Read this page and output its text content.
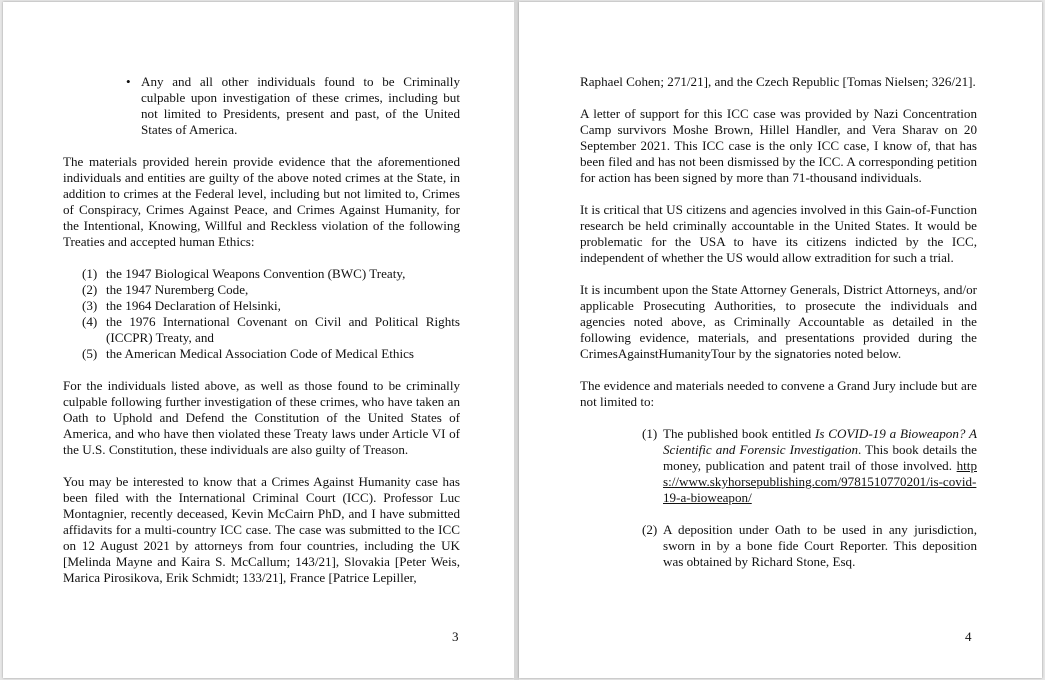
• Any and all other individuals found to be Criminally culpable upon investigation of these crimes, including but not limited to Presidents, present and past, of the United States of America.

The materials provided herein provide evidence that the aforementioned individuals and entities are guilty of the above noted crimes at the State, in addition to crimes at the Federal level, including but not limited to, Crimes of Conspiracy, Crimes Against Peace, and Crimes Against Humanity, for the Intentional, Knowing, Willful and Reckless violation of the following Treaties and accepted human Ethics:

(1) the 1947 Biological Weapons Convention (BWC) Treaty,
(2) the 1947 Nuremberg Code,
(3) the 1964 Declaration of Helsinki,
(4) the 1976 International Covenant on Civil and Political Rights (ICCPR) Treaty, and
(5) the American Medical Association Code of Medical Ethics

For the individuals listed above, as well as those found to be criminally culpable following further investigation of these crimes, who have taken an Oath to Uphold and Defend the Constitution of the United States of America, and who have then violated these Treaty laws under Article VI of the U.S. Constitution, these individuals are also guilty of Treason.

You may be interested to know that a Crimes Against Humanity case has been filed with the International Criminal Court (ICC). Professor Luc Montagnier, recently deceased, Kevin McCairn PhD, and I have submitted affidavits for a multi-country ICC case. The case was submitted to the ICC on 12 August 2021 by attorneys from four countries, including the UK [Melinda Mayne and Kaira S. McCallum; 143/21], Slovakia [Peter Weis, Marica Pirosikova, Erik Schmidt; 133/21], France [Patrice Lepiller,

3

Raphael Cohen; 271/21], and the Czech Republic [Tomas Nielsen; 326/21].

A letter of support for this ICC case was provided by Nazi Concentration Camp survivors Moshe Brown, Hillel Handler, and Vera Sharav on 20 September 2021. This ICC case is the only ICC case, I know of, that has been filed and has not been dismissed by the ICC. A corresponding petition for action has been signed by more than 71-thousand individuals.

It is critical that US citizens and agencies involved in this Gain-of-Function research be held criminally accountable in the United States. It would be problematic for the USA to have its citizens indicted by the ICC, independent of whether the US would allow extradition for such a trial.

It is incumbent upon the State Attorney Generals, District Attorneys, and/or applicable Prosecuting Authorities, to prosecute the individuals and agencies noted above, as Criminally Accountable as detailed in the following evidence, materials, and presentations provided during the CrimesAgainstHumanityTour by the signatories noted below.

The evidence and materials needed to convene a Grand Jury include but are not limited to:

(1) The published book entitled Is COVID-19 a Bioweapon? A Scientific and Forensic Investigation. This book details the money, publication and patent trail of those involved. https://www.skyhorsepublishing.com/9781510770201/is-covid-19-a-bioweapon/
(2) A deposition under Oath to be used in any jurisdiction, sworn in by a bone fide Court Reporter. This deposition was obtained by Richard Stone, Esq.
4
